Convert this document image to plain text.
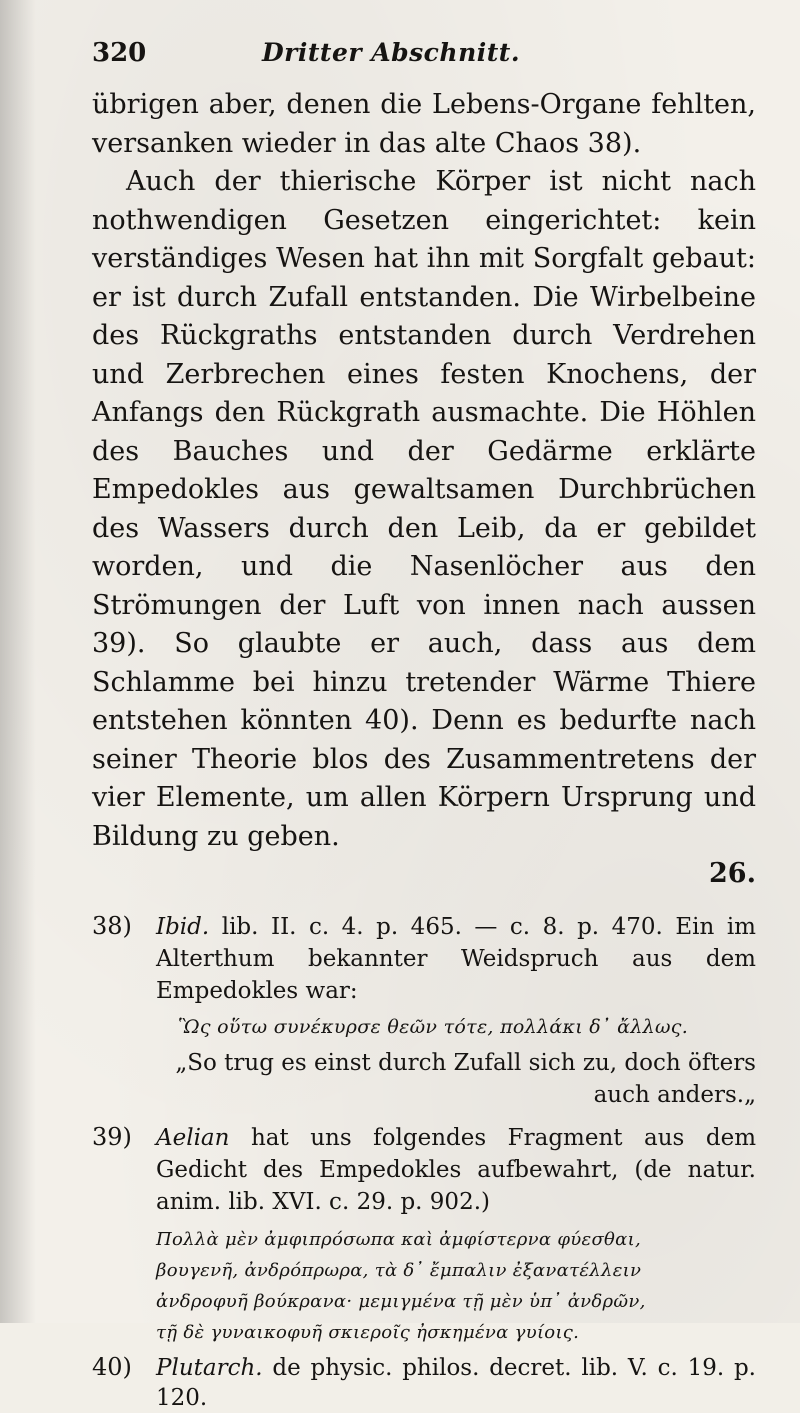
320	Dritter Abschnitt.

übrigen aber, denen die Lebens-Organe fehlten, versanken wieder in das alte Chaos 38).

Auch der thierische Körper ist nicht nach nothwendigen Gesetzen eingerichtet: kein verständiges Wesen hat ihn mit Sorgfalt gebaut: er ist durch Zufall entstanden. Die Wirbelbeine des Rückgraths entstanden durch Verdrehen und Zerbrechen eines festen Knochens, der Anfangs den Rückgrath ausmachte. Die Höhlen des Bauches und der Gedärme erklärte Empedokles aus gewaltsamen Durchbrüchen des Wassers durch den Leib, da er gebildet worden, und die Nasenlöcher aus den Strömungen der Luft von innen nach aussen 39). So glaubte er auch, dass aus dem Schlamme bei hinzu tretender Wärme Thiere entstehen könnten 40). Denn es bedurfte nach seiner Theorie blos des Zusammentretens der vier Elemente, um allen Körpern Ursprung und Bildung zu geben.

26.
38) Ibid. lib. II. c. 4. p. 465. — c. 8. p. 470. Ein im Alterthum bekannter Weidspruch aus dem Empedokles war:
Ὣς οὕτω συνέκυρσε θεῶν τότε, πολλάκι δ᾽ ἄλλως.
„So trug es einst durch Zufall sich zu, doch öfters
auch anders.„
39) Aelian hat uns folgendes Fragment aus dem Gedicht des Empedokles aufbewahrt, (de natur. anim. lib. XVI. c. 29. p. 902.)
Πολλὰ μὲν ἀμφιπρόσωπα καὶ ἀμφίστερνα φύεσθαι,
βουγενῆ, ἀνδρόπρωρα, τὰ δ᾽ ἔμπαλιν ἐξανατέλλειν
ἀνδροφυῆ βούκρανα· μεμιγμένα τῇ μὲν ὑπ᾽ ἀνδρῶν,
τῇ δὲ γυναικοφυῆ σκιεροῖς ἠσκημένα γυίοις.
40) Plutarch. de physic. philos. decret. lib. V. c. 19. p. 120.
